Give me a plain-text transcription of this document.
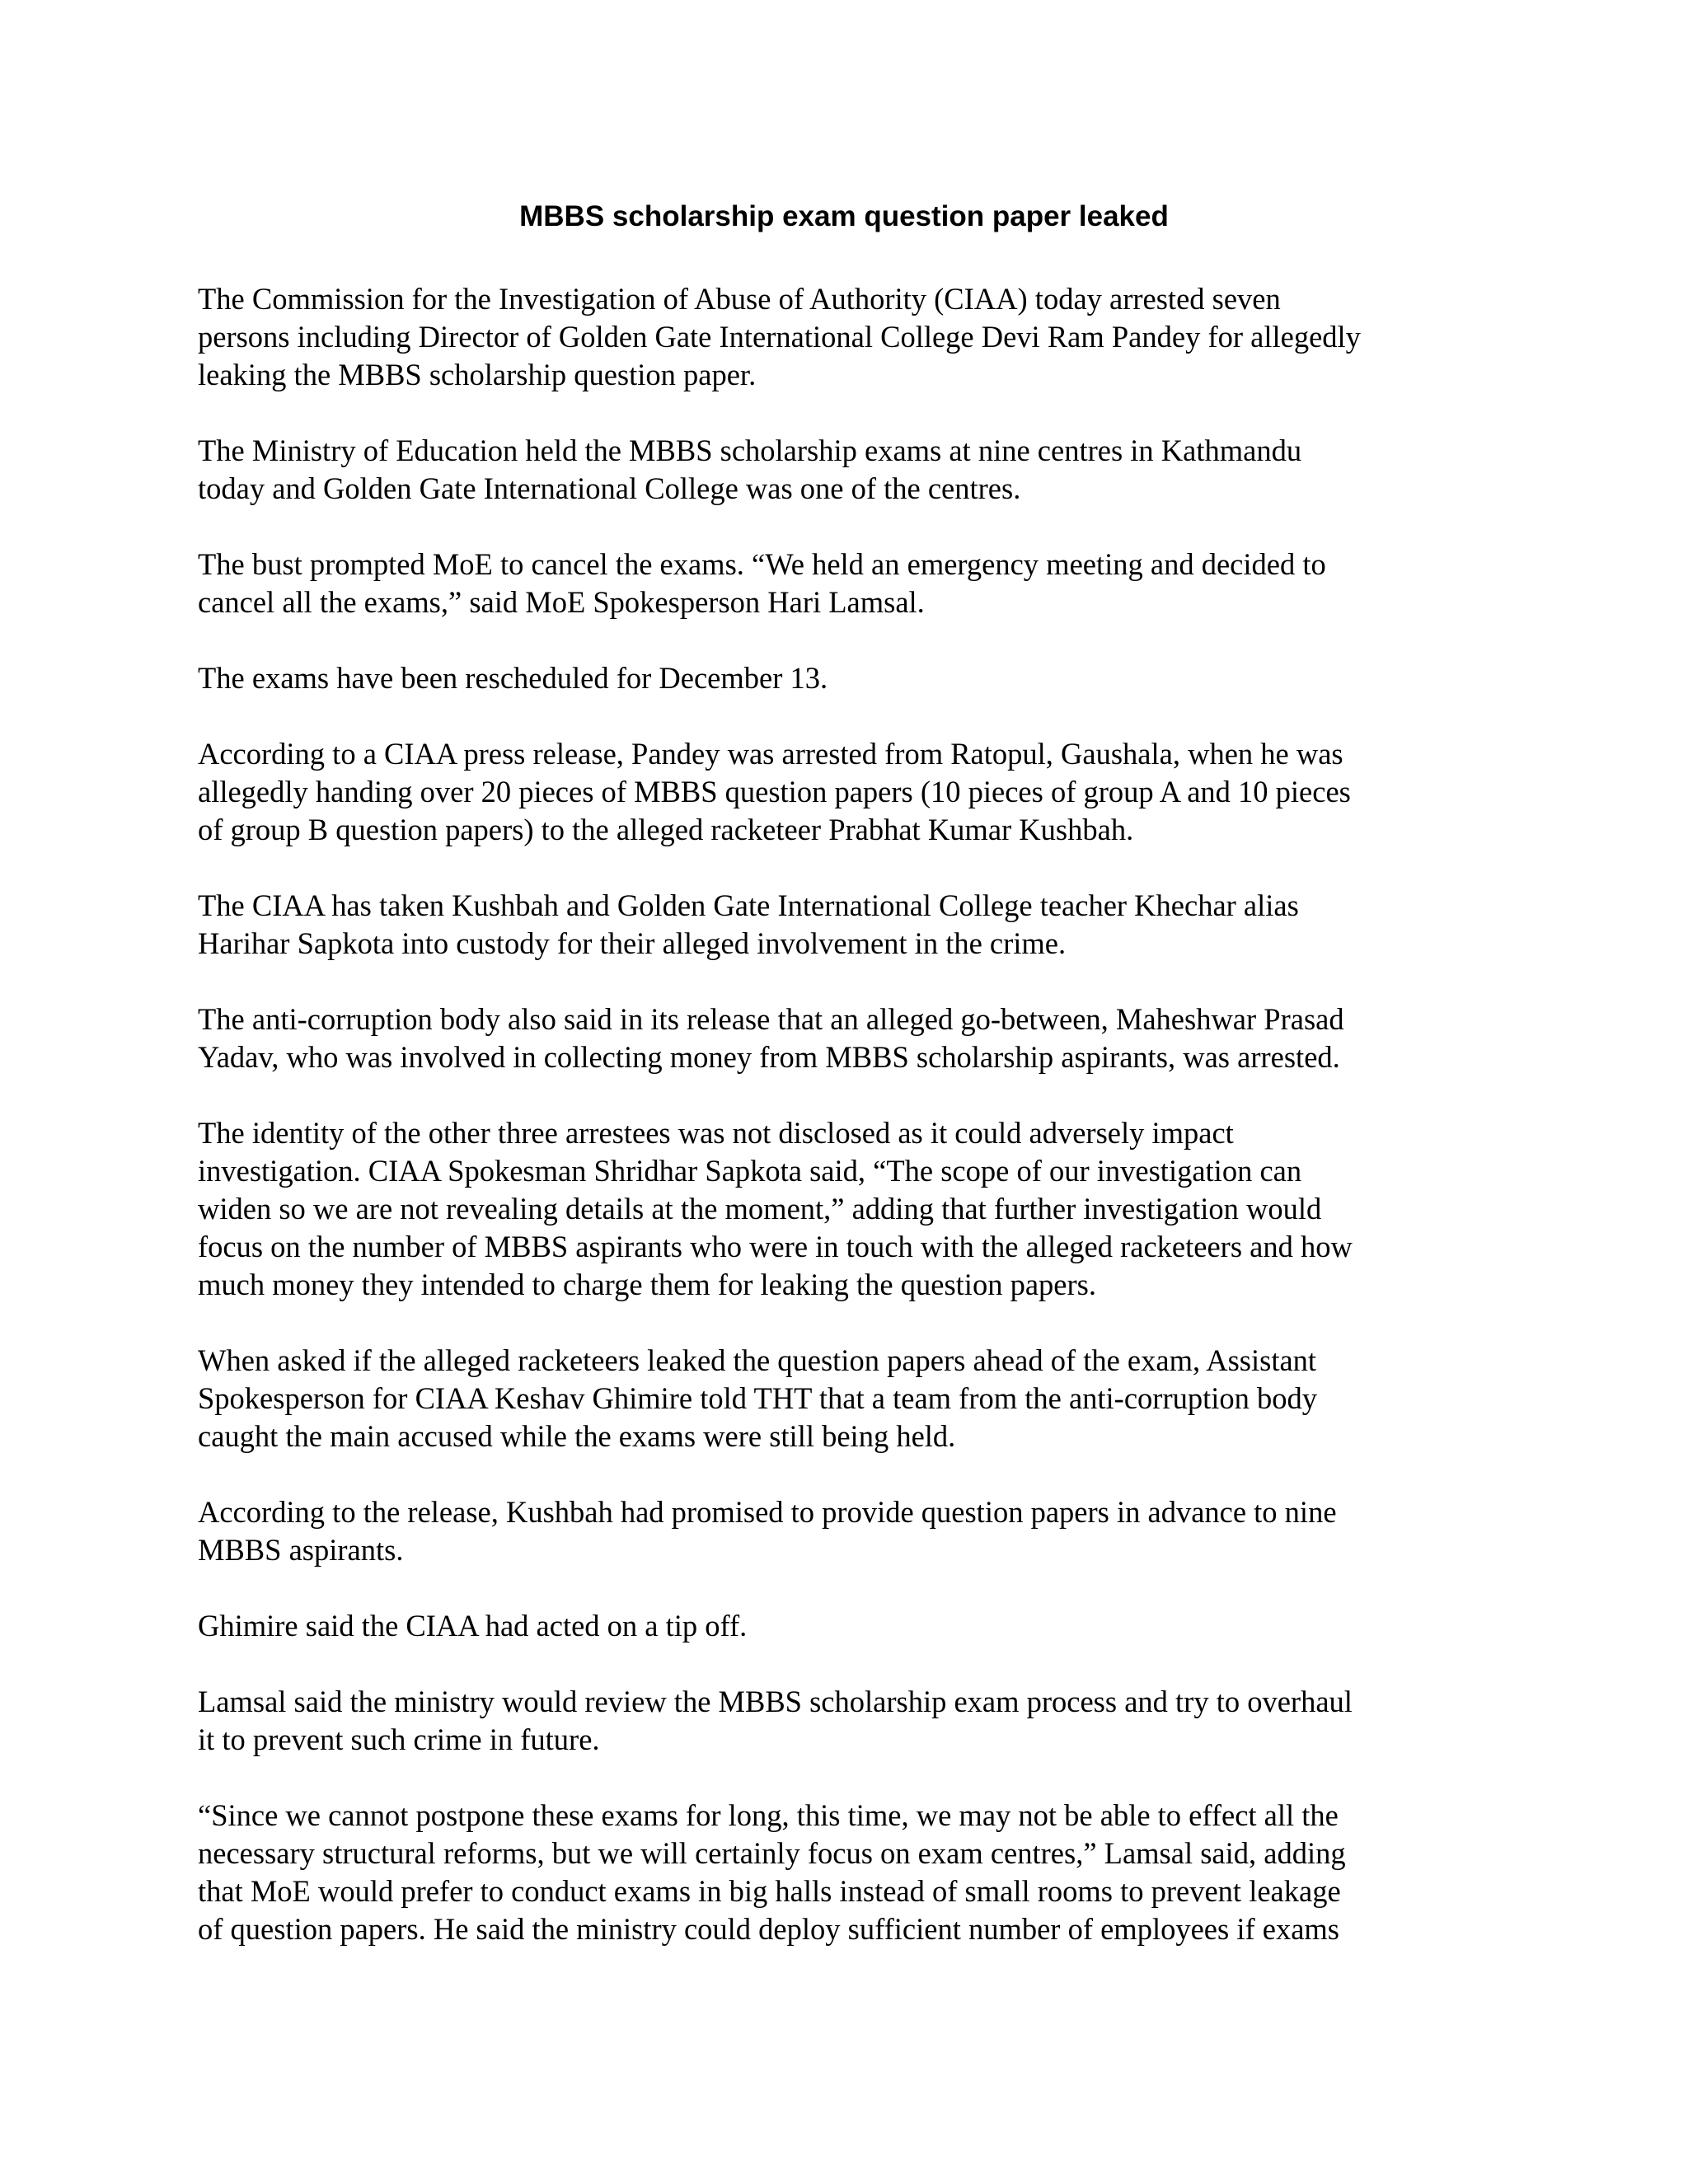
MBBS scholarship exam question paper leaked

The Commission for the Investigation of Abuse of Authority (CIAA) today arrested seven
persons including Director of Golden Gate International College Devi Ram Pandey for allegedly
leaking the MBBS scholarship question paper.

The Ministry of Education held the MBBS scholarship exams at nine centres in Kathmandu
today and Golden Gate International College was one of the centres.

The bust prompted MoE to cancel the exams. “We held an emergency meeting and decided to
cancel all the exams,” said MoE Spokesperson Hari Lamsal.

The exams have been rescheduled for December 13.

According to a CIAA press release, Pandey was arrested from Ratopul, Gaushala, when he was
allegedly handing over 20 pieces of MBBS question papers (10 pieces of group A and 10 pieces
of group B question papers) to the alleged racketeer Prabhat Kumar Kushbah.

The CIAA has taken Kushbah and Golden Gate International College teacher Khechar alias
Harihar Sapkota into custody for their alleged involvement in the crime.

The anti-corruption body also said in its release that an alleged go-between, Maheshwar Prasad
Yadav, who was involved in collecting money from MBBS scholarship aspirants, was arrested.

The identity of the other three arrestees was not disclosed as it could adversely impact
investigation. CIAA Spokesman Shridhar Sapkota said, “The scope of our investigation can
widen so we are not revealing details at the moment,” adding that further investigation would
focus on the number of MBBS aspirants who were in touch with the alleged racketeers and how
much money they intended to charge them for leaking the question papers.

When asked if the alleged racketeers leaked the question papers ahead of the exam, Assistant
Spokesperson for CIAA Keshav Ghimire told THT that a team from the anti-corruption body
caught the main accused while the exams were still being held.

According to the release, Kushbah had promised to provide question papers in advance to nine
MBBS aspirants.

Ghimire said the CIAA had acted on a tip off.

Lamsal said the ministry would review the MBBS scholarship exam process and try to overhaul
it to prevent such crime in future.

“Since we cannot postpone these exams for long, this time, we may not be able to effect all the
necessary structural reforms, but we will certainly focus on exam centres,” Lamsal said, adding
that MoE would prefer to conduct exams in big halls instead of small rooms to prevent leakage
of question papers. He said the ministry could deploy sufficient number of employees if exams
